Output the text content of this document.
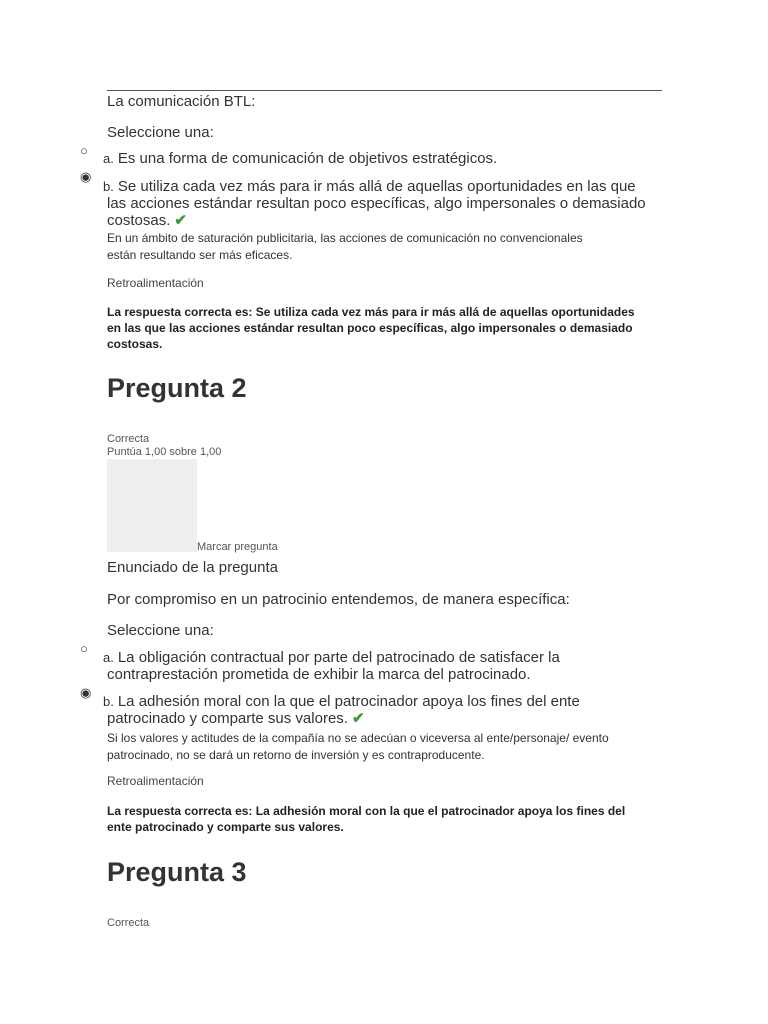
La comunicación BTL:
Seleccione una:
○
a. Es una forma de comunicación de objetivos estratégicos.
◉
b. Se utiliza cada vez más para ir más allá de aquellas oportunidades en las que
las acciones estándar resultan poco específicas, algo impersonales o demasiado
costosas. ✔
En un ámbito de saturación publicitaria, las acciones de comunicación no convencionales
están resultando ser más eficaces.
Retroalimentación
La respuesta correcta es: Se utiliza cada vez más para ir más allá de aquellas oportunidades
en las que las acciones estándar resultan poco específicas, algo impersonales o demasiado
costosas.
Pregunta 2
Correcta
Puntúa 1,00 sobre 1,00
Marcar pregunta
Enunciado de la pregunta
Por compromiso en un patrocinio entendemos, de manera específica:
Seleccione una:
○
a. La obligación contractual por parte del patrocinado de satisfacer la
contraprestación prometida de exhibir la marca del patrocinado.
◉
b. La adhesión moral con la que el patrocinador apoya los fines del ente
patrocinado y comparte sus valores. ✔
Si los valores y actitudes de la compañía no se adecúan o viceversa al ente/personaje/ evento
patrocinado, no se dará un retorno de inversión y es contraproducente.
Retroalimentación
La respuesta correcta es: La adhesión moral con la que el patrocinador apoya los fines del
ente patrocinado y comparte sus valores.
Pregunta 3
Correcta
